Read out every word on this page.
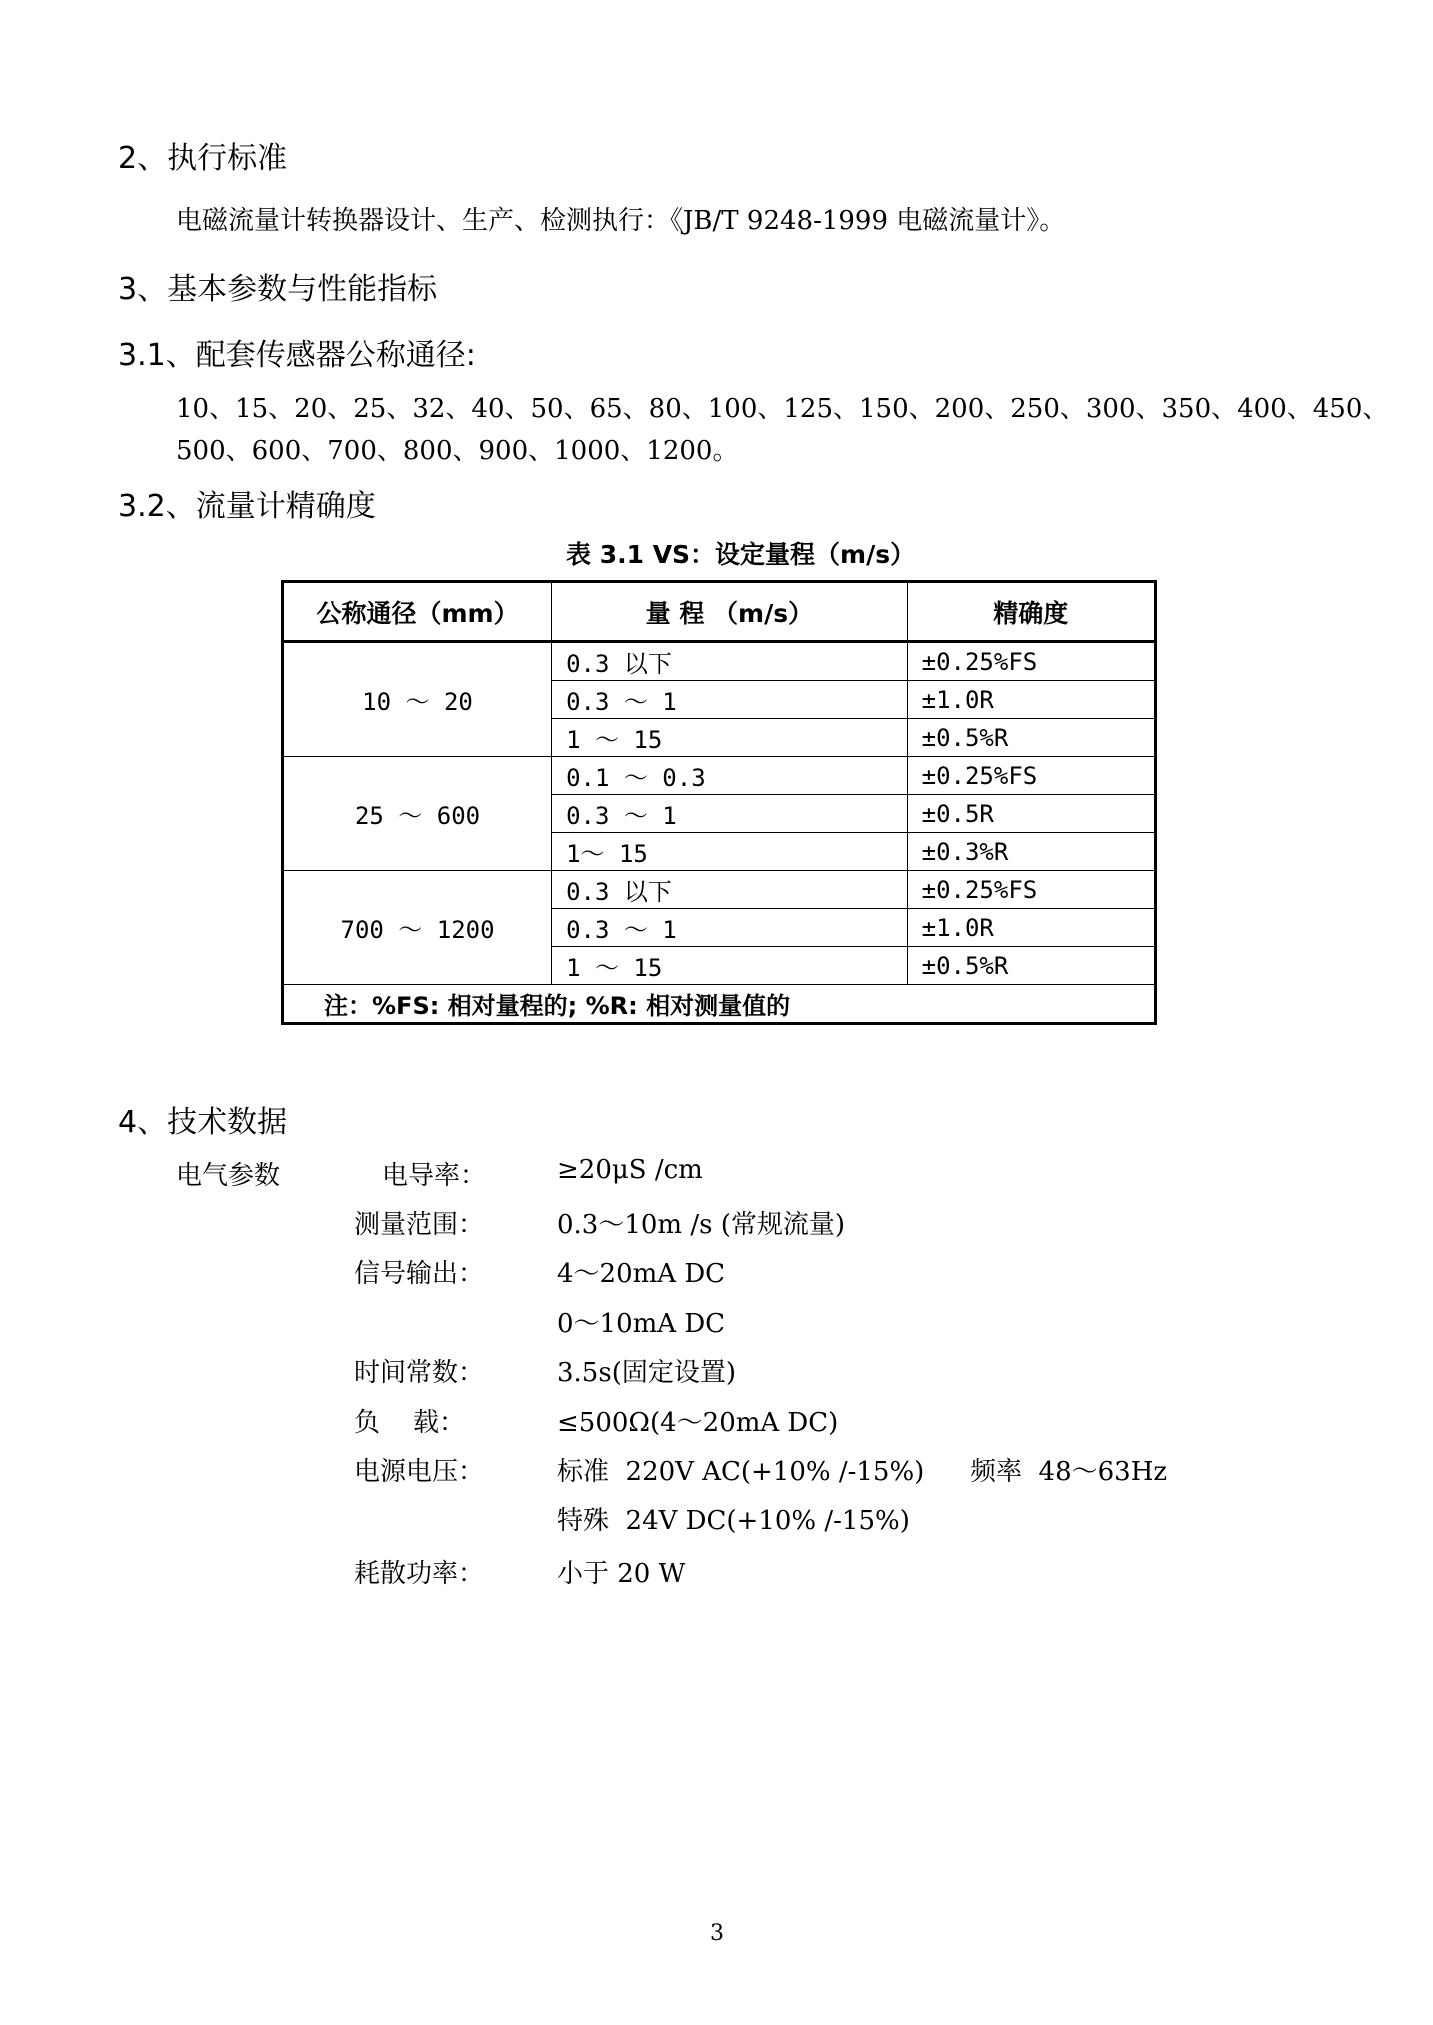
2、执行标准
电磁流量计转换器设计、生产、检测执行：《JB/T 9248-1999 电磁流量计》。
3、基本参数与性能指标
3.1、配套传感器公称通径:
10、15、20、25、32、40、50、65、80、100、125、150、200、250、300、350、400、450、
500、600、700、800、900、1000、1200。
3.2、流量计精确度
表 3.1 VS：设定量程（m/s）
公称通径（mm）	量 程 （m/s）	精确度
10 ～ 20	0.3 以下	±0.25%FS
	0.3 ～ 1	±1.0R
	1 ～ 15	±0.5%R
25 ～ 600	0.1 ～ 0.3	±0.25%FS
	0.3 ～ 1	±0.5R
	1～ 15	±0.3%R
700 ～ 1200	0.3 以下	±0.25%FS
	0.3 ～ 1	±1.0R
	1 ～ 15	±0.5%R
注：%FS: 相对量程的; %R: 相对测量值的		
4、技术数据
电气参数	电导率：	≥20μS /cm
测量范围：	0.3～10m /s (常规流量)
信号输出：	4～20mA DC
0～10mA DC
时间常数：	3.5s(固定设置)
负    载：	≤500Ω(4～20mA DC)
电源电压：	标准  220V AC(+10% /-15%) 频率  48～63Hz
特殊  24V DC(+10% /-15%)
耗散功率：	小于 20 W
3
